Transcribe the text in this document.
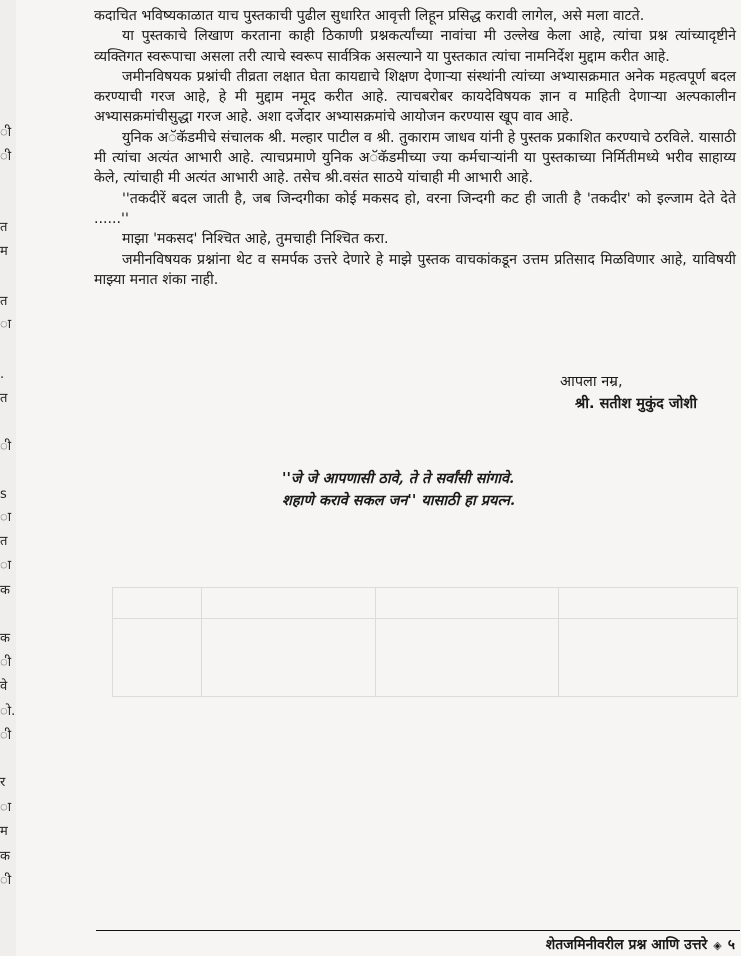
ी
ी
त
म
त
ा
.
त
ी
s
ा
त
ा
क
क
ी
वे
ो.
ी
र
ा
म
क
ी

कदाचित भविष्यकाळात याच पुस्तकाची पुढील सुधारित आवृत्ती लिहून प्रसिद्ध करावी लागेल, असे मला वाटते.

या पुस्तकाचे लिखाण करताना काही ठिकाणी प्रश्नकर्त्यांच्या नावांचा मी उल्लेख केला आहे, त्यांचा प्रश्न त्यांच्यादृष्टीने व्यक्तिगत स्वरूपाचा असला तरी त्याचे स्वरूप सार्वत्रिक असल्याने या पुस्तकात त्यांचा नामनिर्देश मुद्दाम करीत आहे.

जमीनविषयक प्रश्नांची तीव्रता लक्षात घेता कायद्याचे शिक्षण देणाऱ्या संस्थांनी त्यांच्या अभ्यासक्रमात अनेक महत्वपूर्ण बदल करण्याची गरज आहे, हे मी मुद्दाम नमूद करीत आहे. त्याचबरोबर कायदेविषयक ज्ञान व माहिती देणाऱ्या अल्पकालीन अभ्यासक्रमांचीसुद्धा गरज आहे. अशा दर्जेदार अभ्यासक्रमांचे आयोजन करण्यास खूप वाव आहे.

युनिक अॅकॅडमीचे संचालक श्री. मल्हार पाटील व श्री. तुकाराम जाधव यांनी हे पुस्तक प्रकाशित करण्याचे ठरविले. यासाठी मी त्यांचा अत्यंत आभारी आहे. त्याचप्रमाणे युनिक अॅकॅडमीच्या ज्या कर्मचाऱ्यांनी या पुस्तकाच्या निर्मितीमध्ये भरीव साहाय्य केले, त्यांचाही मी अत्यंत आभारी आहे. तसेच श्री.वसंत साठये यांचाही मी आभारी आहे.

''तकदीरें बदल जाती है, जब जिन्दगीका कोई मकसद हो, वरना जिन्दगी कट ही जाती है 'तकदीर' को इल्जाम देते देते ......''

माझा 'मकसद' निश्चित आहे, तुमचाही निश्चित करा.

जमीनविषयक प्रश्नांना थेट व समर्पक उत्तरे देणारे हे माझे पुस्तक वाचकांकडून उत्तम प्रतिसाद मिळविणार आहे, याविषयी माझ्या मनात शंका नाही.

आपला नम्र,
श्री. सतीश मुकुंद जोशी
''जे जे आपणासी ठावे, ते ते सर्वांसी सांगावे.
शहाणे करावे सकल जन'' यासाठी हा प्रयत्न.
शेतजमिनीवरील प्रश्न आणि उत्तरे ◈ ५
